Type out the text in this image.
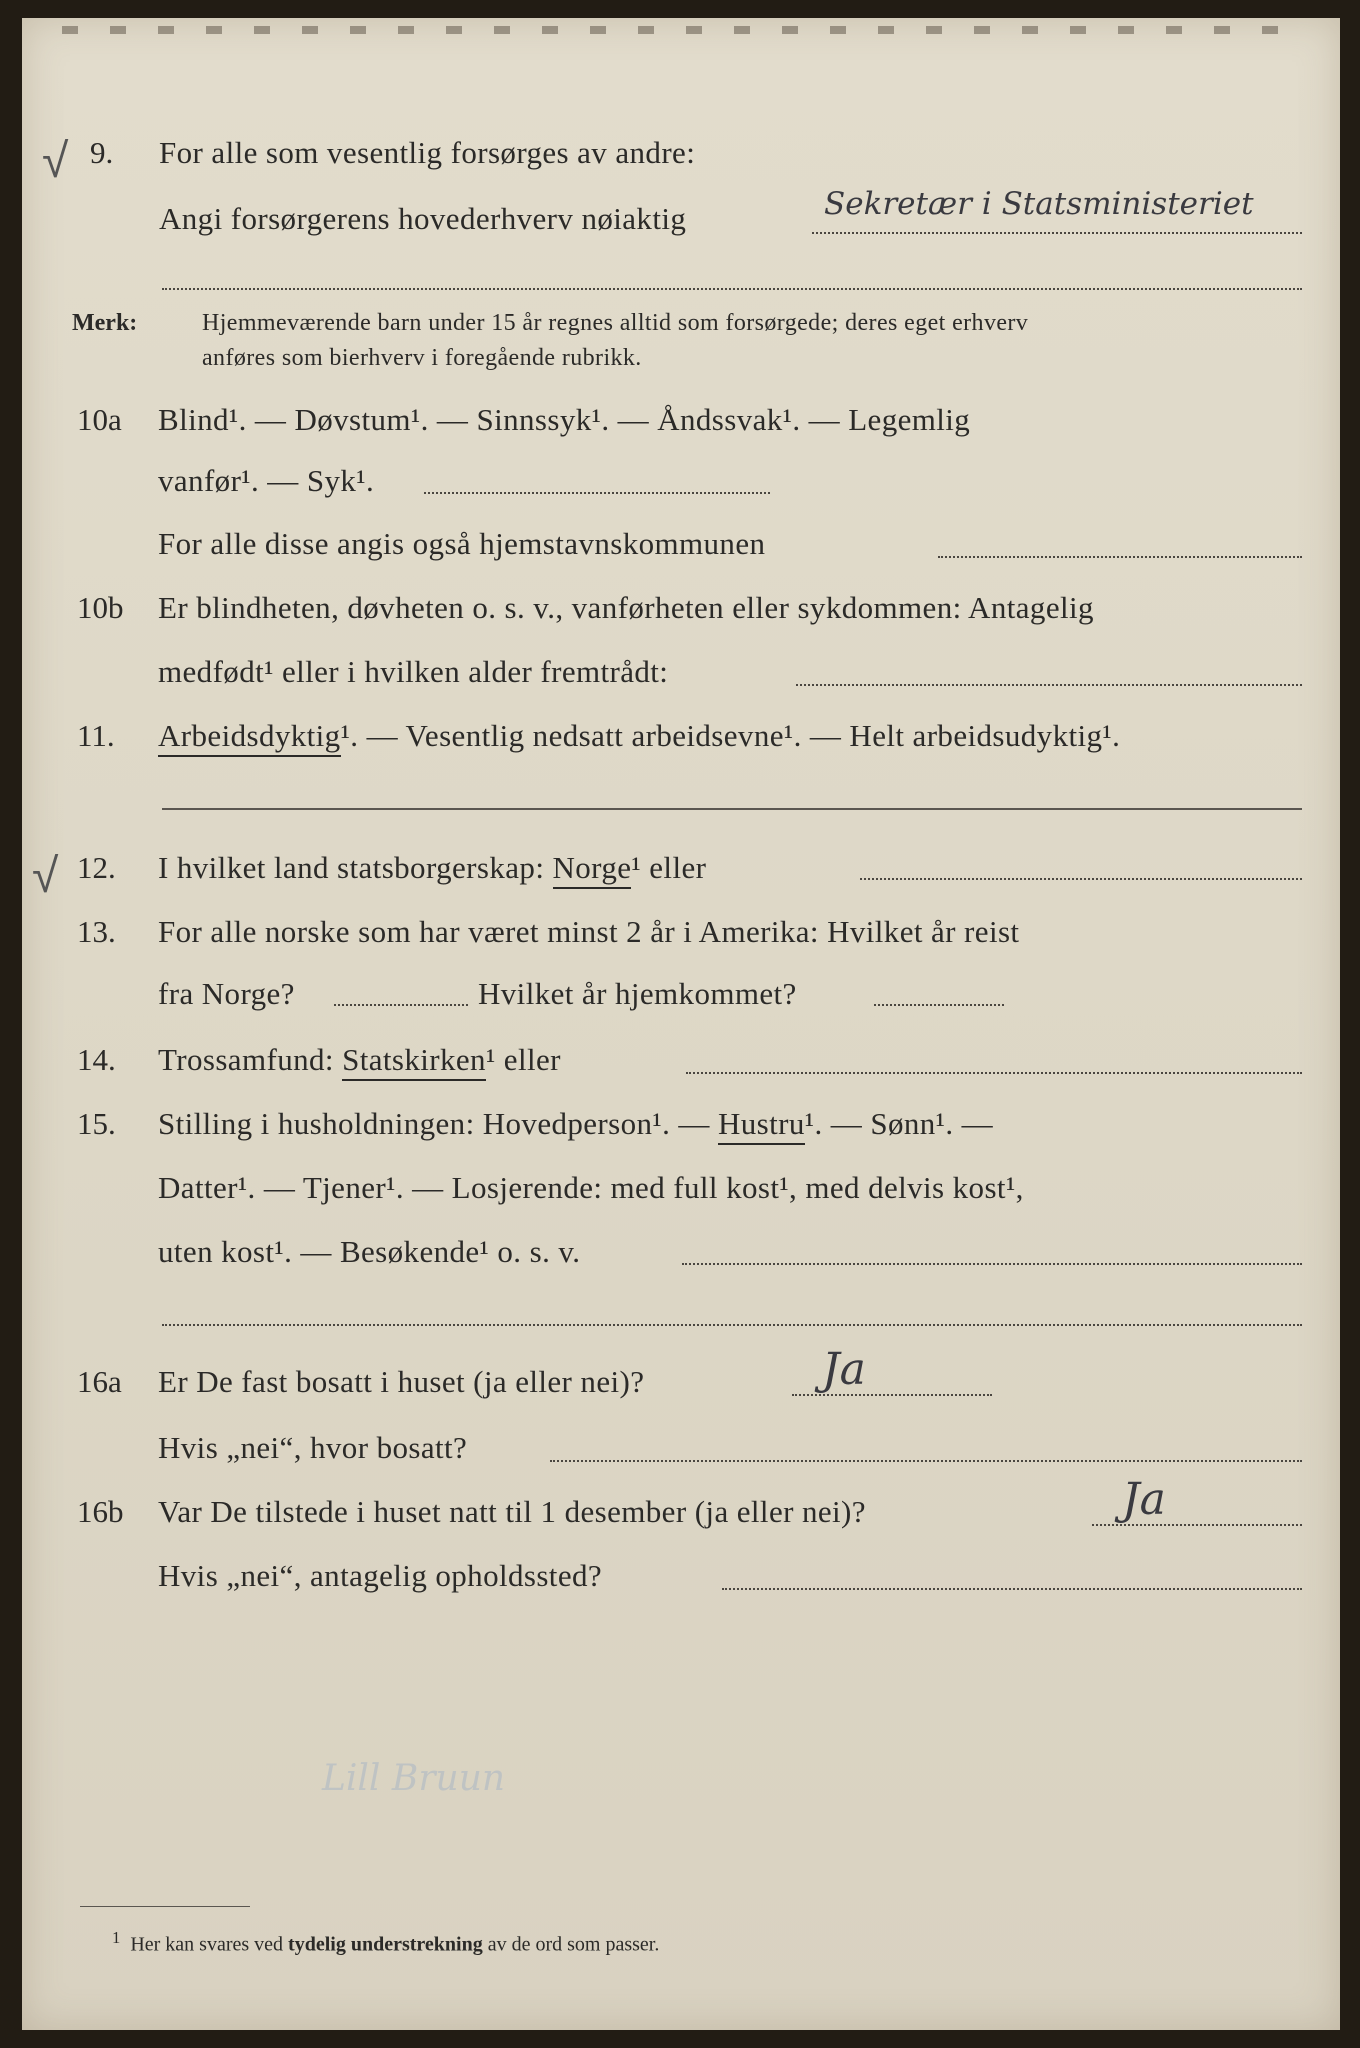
√ 9. For alle som vesentlig forsørges av andre:
Angi forsørgerens hovederhverv nøiaktig	Sekretær i Statsministeriet
Merk:	Hjemmeværende barn under 15 år regnes alltid som forsørgede; deres eget erhverv
anføres som bierhverv i foregående rubrikk.
10a Blind¹. — Døvstum¹. — Sinnssyk¹. — Åndssvak¹. — Legemlig
vanfør¹. — Syk¹.
For alle disse angis også hjemstavnskommunen
10b Er blindheten, døvheten o. s. v., vanførheten eller sykdommen: Antagelig
medfødt¹ eller i hvilken alder fremtrådt:
11. Arbeidsdyktig¹. — Vesentlig nedsatt arbeidsevne¹. — Helt arbeidsudyktig¹.
√ 12. I hvilket land statsborgerskap: Norge¹ eller
13. For alle norske som har været minst 2 år i Amerika: Hvilket år reist
fra Norge?	Hvilket år hjemkommet?
14. Trossamfund: Statskirken¹ eller
15. Stilling i husholdningen: Hovedperson¹. — Hustru¹. — Sønn¹. —
Datter¹. — Tjener¹. — Losjerende: med full kost¹, med delvis kost¹,
uten kost¹. — Besøkende¹ o. s. v.
16a Er De fast bosatt i huset (ja eller nei)?	Ja
Hvis „nei“, hvor bosatt?
16b Var De tilstede i huset natt til 1 desember (ja eller nei)?	Ja
Hvis „nei“, antagelig opholdssted?
Lill Bruun
$^1$ Her kan svares ved tydelig understrekning av de ord som passer.
